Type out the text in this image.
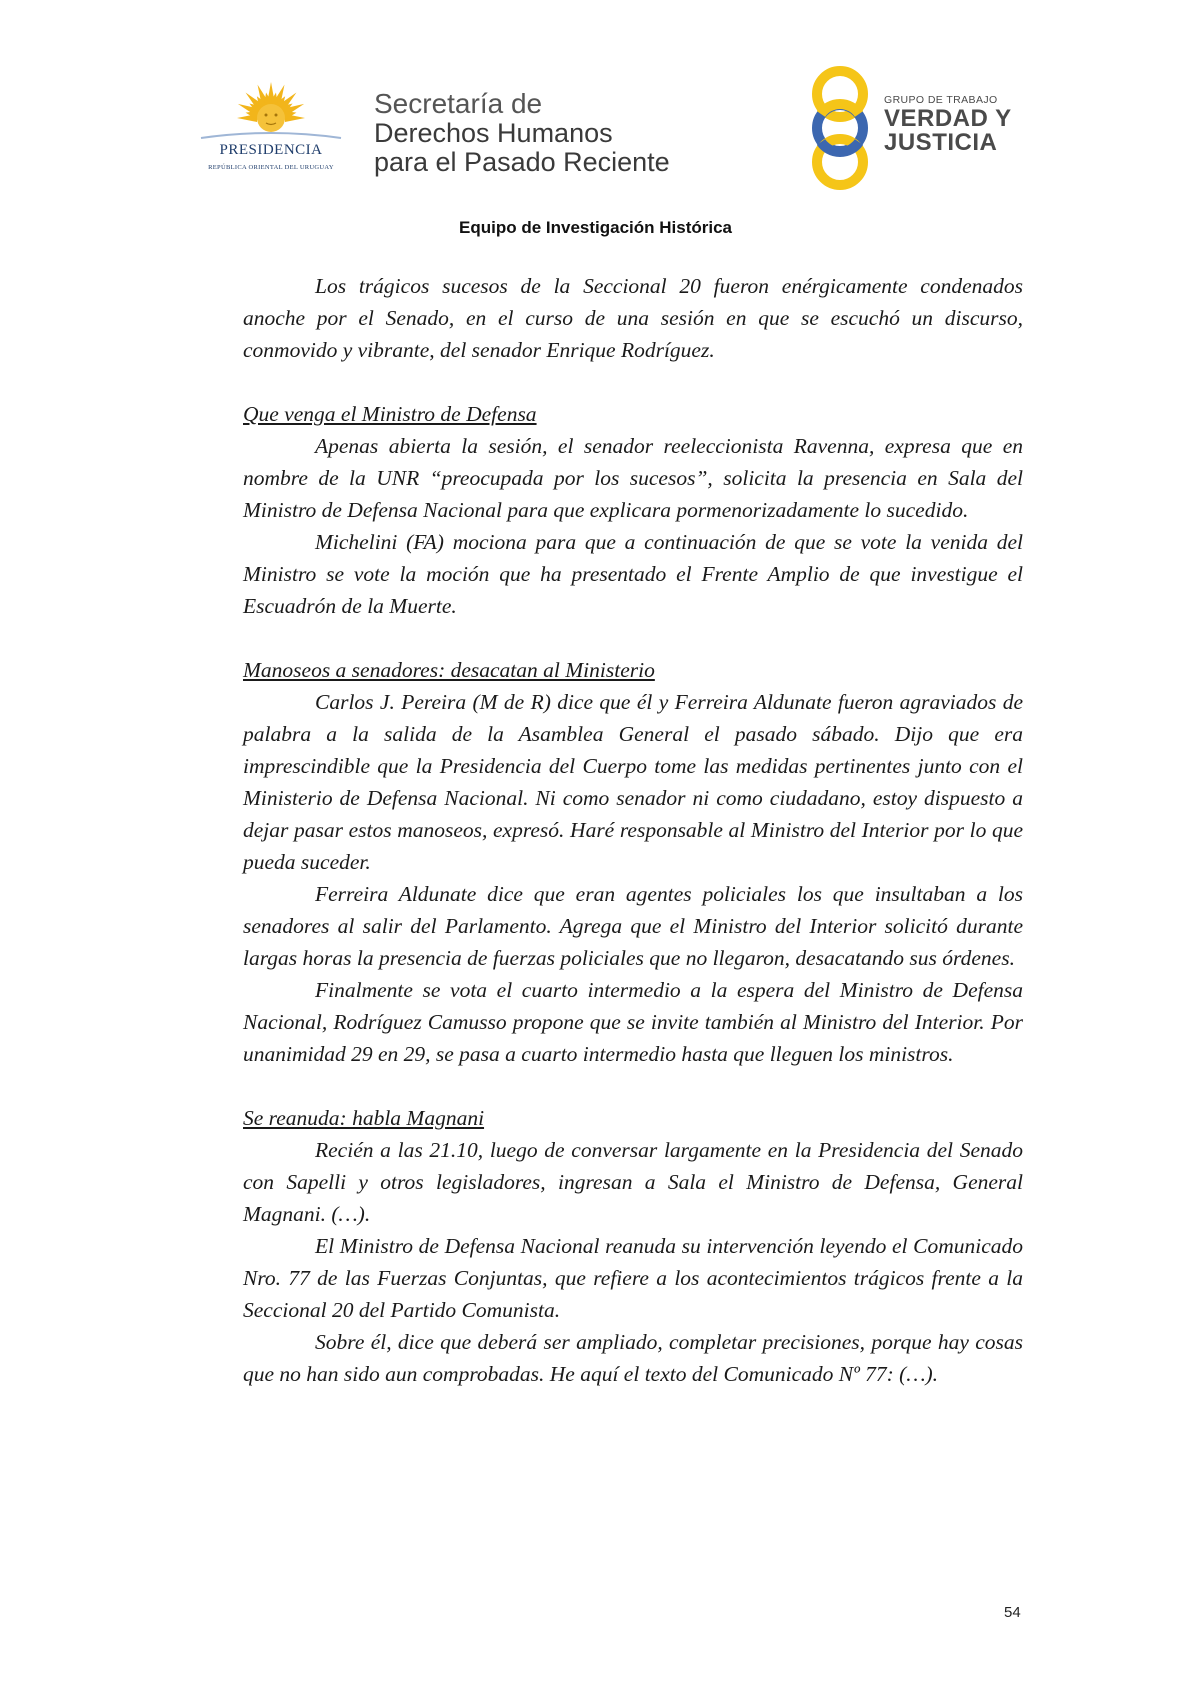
PRESIDENCIA
REPÚBLICA ORIENTAL DEL URUGUAY
Secretaría de
Derechos Humanos
para el Pasado Reciente
GRUPO DE TRABAJO
VERDAD Y
JUSTICIA
Equipo de Investigación Histórica

Los trágicos sucesos de la Seccional 20 fueron enérgicamente condenados anoche por el Senado, en el curso de una sesión en que se escuchó un discurso, conmovido y vibrante, del senador Enrique Rodríguez.

Que venga el Ministro de Defensa

Apenas abierta la sesión, el senador reeleccionista Ravenna, expresa que en nombre de la UNR “preocupada por los sucesos”, solicita la presencia en Sala del Ministro de Defensa Nacional para que explicara pormenorizadamente lo sucedido.

Michelini (FA) mociona para que a continuación de que se vote la venida del Ministro se vote la moción que ha presentado el Frente Amplio de que investigue el Escuadrón de la Muerte.

Manoseos a senadores: desacatan al Ministerio

Carlos J. Pereira (M de R) dice que él y Ferreira Aldunate fueron agraviados de palabra a la salida de la Asamblea General el pasado sábado. Dijo que era imprescindible que la Presidencia del Cuerpo tome las medidas pertinentes junto con el Ministerio de Defensa Nacional. Ni como senador ni como ciudadano, estoy dispuesto a dejar pasar estos manoseos, expresó. Haré responsable al Ministro del Interior por lo que pueda suceder.

Ferreira Aldunate dice que eran agentes policiales los que insultaban a los senadores al salir del Parlamento. Agrega que el Ministro del Interior solicitó durante largas horas la presencia de fuerzas policiales que no llegaron, desacatando sus órdenes.

Finalmente se vota el cuarto intermedio a la espera del Ministro de Defensa Nacional, Rodríguez Camusso propone que se invite también al Ministro del Interior. Por unanimidad 29 en 29, se pasa a cuarto intermedio hasta que lleguen los ministros.

Se reanuda: habla Magnani

Recién a las 21.10, luego de conversar largamente en la Presidencia del Senado con Sapelli y otros legisladores, ingresan a Sala el Ministro de Defensa, General Magnani. (…).

El Ministro de Defensa Nacional reanuda su intervención leyendo el Comunicado Nro. 77 de las Fuerzas Conjuntas, que refiere a los acontecimientos trágicos frente a la Seccional 20 del Partido Comunista.

Sobre él, dice que deberá ser ampliado, completar precisiones, porque hay cosas que no han sido aun comprobadas. He aquí el texto del Comunicado Nº 77: (…).

54
